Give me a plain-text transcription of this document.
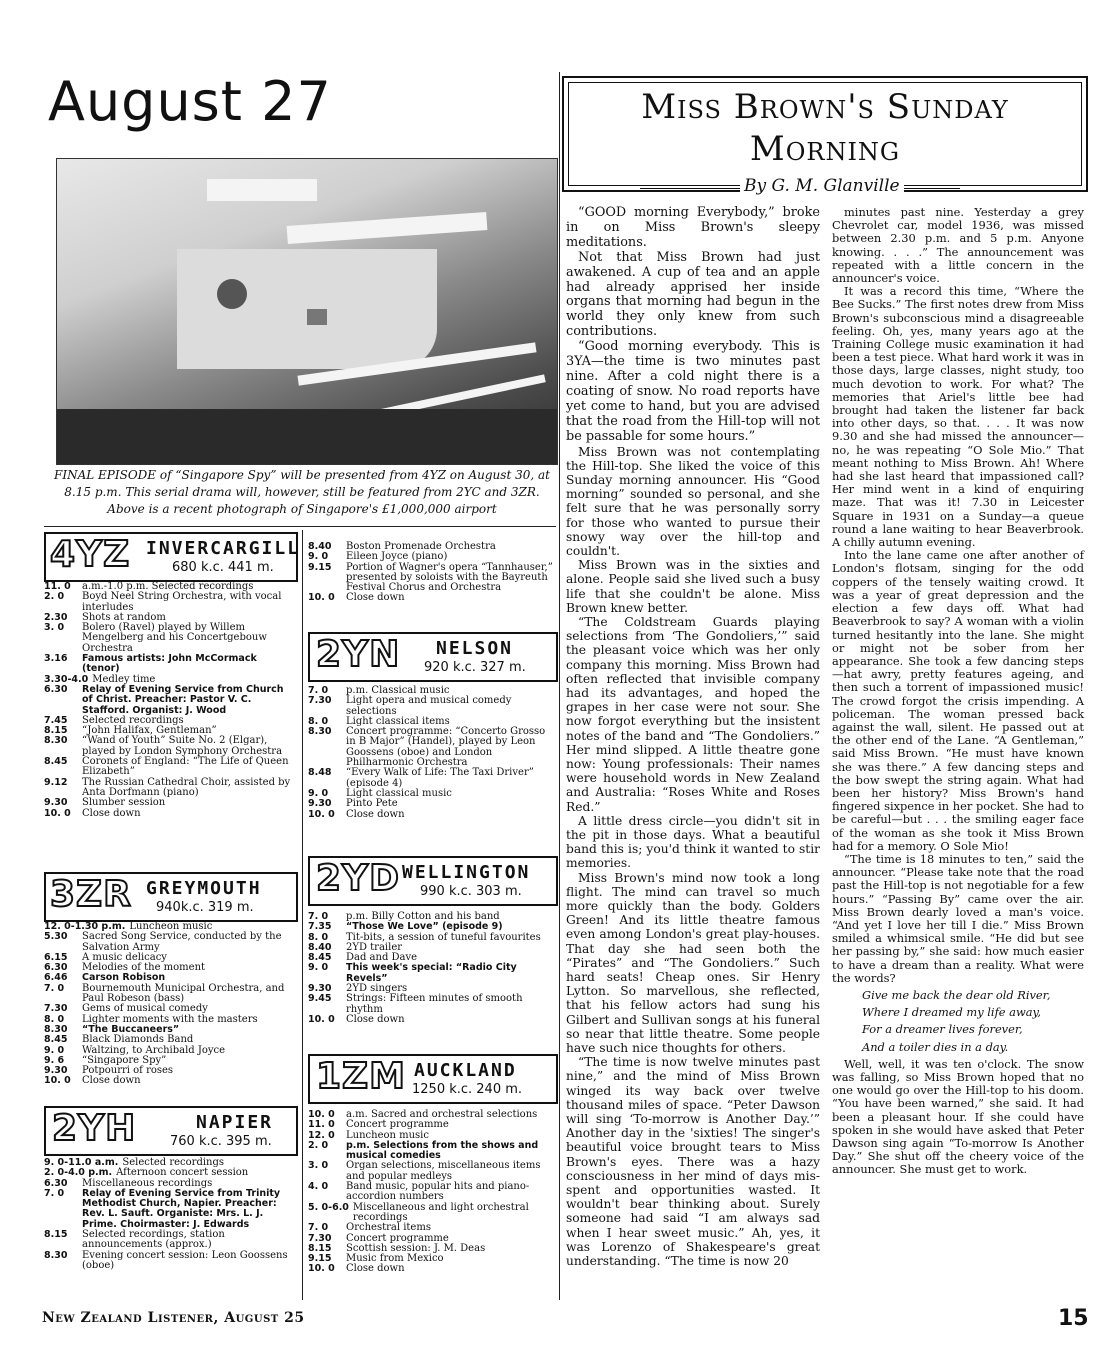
August 27
FINAL EPISODE of “Singapore Spy” will be presented from 4YZ on August 30, at 8.15 p.m. This serial drama will, however, still be featured from 2YC and 3ZR. Above is a recent photograph of Singapore's £1,000,000 airport
4YZ INVERCARGILL
680 k.c. 441 m.
11. 0	a.m.-1.0 p.m. Selected recordings
2. 0	Boyd Neel String Orchestra, with vocal interludes
2.30	Shots at random
3. 0	Bolero (Ravel) played by Willem Mengelberg and his Concertgebouw Orchestra
3.16	Famous artists: John McCormack (tenor)
3.30-4.0 Medley time
6.30	Relay of Evening Service from Church of Christ. Preacher: Pastor V. C. Stafford. Organist: J. Wood
7.45	Selected recordings
8.15	“John Halifax, Gentleman”
8.30	“Wand of Youth” Suite No. 2 (Elgar), played by London Symphony Orchestra
8.45	Coronets of England: “The Life of Queen Elizabeth”
9.12	The Russian Cathedral Choir, assisted by Anta Dorfmann (piano)
9.30	Slumber session
10. 0	Close down
3ZR GREYMOUTH
940k.c. 319 m.
12. 0-1.30 p.m. Luncheon music
5.30	Sacred Song Service, conducted by the Salvation Army
6.15	A music delicacy
6.30	Melodies of the moment
6.46	Carson Robison
7. 0	Bournemouth Municipal Orchestra, and Paul Robeson (bass)
7.30	Gems of musical comedy
8. 0	Lighter moments with the masters
8.30	“The Buccaneers”
8.45	Black Diamonds Band
9. 0	Waltzing, to Archibald Joyce
9. 6	“Singapore Spy”
9.30	Potpourri of roses
10. 0	Close down
2YH	NAPIER
760 k.c. 395 m.
9. 0-11.0 a.m. Selected recordings
2. 0-4.0 p.m. Afternoon concert session
6.30	Miscellaneous recordings
7. 0	Relay of Evening Service from Trinity Methodist Church, Napier. Preacher: Rev. L. Sauft. Organiste: Mrs. L. J. Prime. Choirmaster: J. Edwards
8.15	Selected recordings, station announcements (approx.)
8.30	Evening concert session: Leon Goossens (oboe)
8.40	Boston Promenade Orchestra
9. 0	Eileen Joyce (piano)
9.15	Portion of Wagner's opera “Tannhauser,” presented by soloists with the Bayreuth Festival Chorus and Orchestra
10. 0	Close down
2YN NELSON
920 k.c. 327 m.
7. 0	p.m. Classical music
7.30	Light opera and musical comedy selections
8. 0	Light classical items
8.30	Concert programme: “Concerto Grosso in B Major” (Handel), played by Leon Goossens (oboe) and London Philharmonic Orchestra
8.48	“Every Walk of Life: The Taxi Driver” (episode 4)
9. 0	Light classical music
9.30	Pinto Pete
10. 0	Close down
2YD WELLINGTON
990 k.c. 303 m.
7. 0	p.m. Billy Cotton and his band
7.35	“Those We Love” (episode 9)
8. 0	Tit-bits, a session of tuneful favourites
8.40	2YD trailer
8.45	Dad and Dave
9. 0	This week's special: “Radio City Revels”
9.30	2YD singers
9.45	Strings: Fifteen minutes of smooth rhythm
10. 0	Close down
1ZM AUCKLAND
1250 k.c. 240 m.
10. 0	a.m. Sacred and orchestral selections
11. 0	Concert programme
12. 0	Luncheon music
2. 0	p.m. Selections from the shows and musical comedies
3. 0	Organ selections, miscellaneous items and popular medleys
4. 0	Band music, popular hits and piano-accordion numbers
5. 0-6.0 Miscellaneous and light orchestral recordings
7. 0	Orchestral items
7.30	Concert programme
8.15	Scottish session: J. M. Deas
9.15	Music from Mexico
10. 0	Close down
Miss Brown's Sunday
Morning
By G. M. Glanville

“GOOD morning Everybody,” broke in on Miss Brown's sleepy meditations.

Not that Miss Brown had just awakened. A cup of tea and an apple had already apprised her inside organs that morning had begun in the world they only knew from such contributions.

“Good morning everybody. This is 3YA—the time is two minutes past nine. After a cold night there is a coating of snow. No road reports have yet come to hand, but you are advised that the road from the Hill-top will not be passable for some hours.”

Miss Brown was not contemplating the Hill-top. She liked the voice of this Sunday morning announcer. His “Good morning” sounded so personal, and she felt sure that he was personally sorry for those who wanted to pursue their snowy way over the hill-top and couldn't.

Miss Brown was in the sixties and alone. People said she lived such a busy life that she couldn't be alone. Miss Brown knew better.

“The Coldstream Guards playing selections from ‘The Gondoliers,’” said the pleasant voice which was her only company this morning. Miss Brown had often reflected that invisible company had its advantages, and hoped the grapes in her case were not sour. She now forgot everything but the insistent notes of the band and “The Gondoliers.” Her mind slipped. A little theatre gone now: Young professionals: Their names were household words in New Zealand and Australia: “Roses White and Roses Red.”

A little dress circle—you didn't sit in the pit in those days. What a beautiful band this is; you'd think it wanted to stir memories.

Miss Brown's mind now took a long flight. The mind can travel so much more quickly than the body. Golders Green! And its little theatre famous even among London's great play-houses. That day she had seen both the “Pirates” and “The Gondoliers.” Such hard seats! Cheap ones. Sir Henry Lytton. So marvellous, she reflected, that his fellow actors had sung his Gilbert and Sullivan songs at his funeral so near that little theatre. Some people have such nice thoughts for others.

“The time is now twelve minutes past nine,” and the mind of Miss Brown winged its way back over twelve thousand miles of space. “Peter Dawson will sing ‘To-morrow is Another Day.’” Another day in the 'sixties! The singer's beautiful voice brought tears to Miss Brown's eyes. There was a hazy consciousness in her mind of days mis-spent and opportunities wasted. It wouldn't bear thinking about. Surely someone had said “I am always sad when I hear sweet music.” Ah, yes, it was Lorenzo of Shakespeare's great understanding. “The time is now 20

minutes past nine. Yesterday a grey Chevrolet car, model 1936, was missed between 2.30 p.m. and 5 p.m. Anyone knowing. . . .” The announcement was repeated with a little concern in the announcer's voice.

It was a record this time, “Where the Bee Sucks.” The first notes drew from Miss Brown's subconscious mind a disagreeable feeling. Oh, yes, many years ago at the Training College music examination it had been a test piece. What hard work it was in those days, large classes, night study, too much devotion to work. For what? The memories that Ariel's little bee had brought had taken the listener far back into other days, so that. . . . It was now 9.30 and she had missed the announcer—no, he was repeating “O Sole Mio.” That meant nothing to Miss Brown. Ah! Where had she last heard that impassioned call? Her mind went in a kind of enquiring maze. That was it! 7.30 in Leicester Square in 1931 on a Sunday—a queue round a lane waiting to hear Beaverbrook. A chilly autumn evening.

Into the lane came one after another of London's flotsam, singing for the odd coppers of the tensely waiting crowd. It was a year of great depression and the election a few days off. What had Beaverbrook to say? A woman with a violin turned hesitantly into the lane. She might or might not be sober from her appearance. She took a few dancing steps—hat awry, pretty features ageing, and then such a torrent of impassioned music! The crowd forgot the crisis impending. A policeman. The woman pressed back against the wall, silent. He passed out at the other end of the Lane. “A Gentleman,” said Miss Brown. “He must have known she was there.” A few dancing steps and the bow swept the string again. What had been her history? Miss Brown's hand fingered sixpence in her pocket. She had to be careful—but . . . the smiling eager face of the woman as she took it Miss Brown had for a memory. O Sole Mio!

“The time is 18 minutes to ten,” said the announcer. “Please take note that the road past the Hill-top is not negotiable for a few hours.” “Passing By” came over the air. Miss Brown dearly loved a man's voice. “And yet I love her till I die.” Miss Brown smiled a whimsical smile. “He did but see her passing by,” she said: how much easier to have a dream than a reality. What were the words?

Give me back the dear old River,

Where I dreamed my life away,

For a dreamer lives forever,

And a toiler dies in a day.

Well, well, it was ten o'clock. The snow was falling, so Miss Brown hoped that no one would go over the Hill-top to his doom. “You have been warned,” she said. It had been a pleasant hour. If she could have spoken in she would have asked that Peter Dawson sing again “To-morrow Is Another Day.” She shut off the cheery voice of the announcer. She must get to work.

New Zealand Listener, August 25	15
